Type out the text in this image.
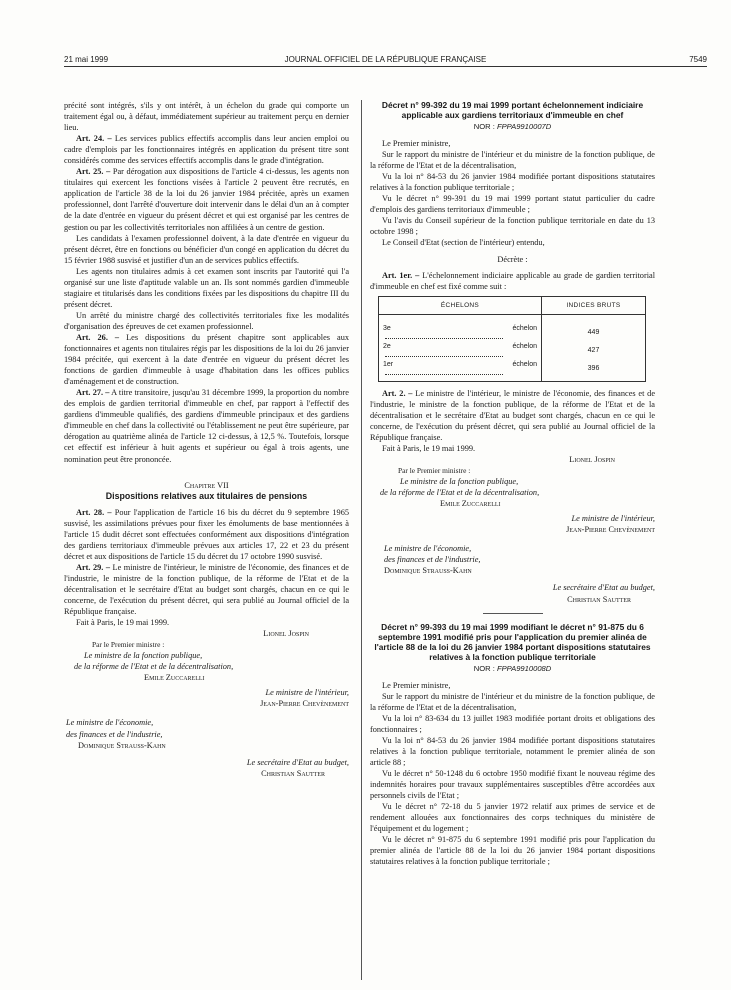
21 mai 1999	JOURNAL OFFICIEL DE LA RÉPUBLIQUE FRANÇAISE	7549

précité sont intégrés, s'ils y ont intérêt, à un échelon du grade qui comporte un traitement égal ou, à défaut, immédiatement supérieur au traitement perçu en dernier lieu.

Art. 24. – Les services publics effectifs accomplis dans leur ancien emploi ou cadre d'emplois par les fonctionnaires intégrés en application du présent titre sont considérés comme des services effectifs accomplis dans le grade d'intégration.

Art. 25. – Par dérogation aux dispositions de l'article 4 ci-dessus, les agents non titulaires qui exercent les fonctions visées à l'article 2 peuvent être recrutés, en application de l'article 38 de la loi du 26 janvier 1984 précitée, après un examen professionnel, dont l'arrêté d'ouverture doit intervenir dans le délai d'un an à compter de la date d'entrée en vigueur du présent décret et qui est organisé par les centres de gestion ou par les collectivités territoriales non affiliées à un centre de gestion.

Les candidats à l'examen professionnel doivent, à la date d'entrée en vigueur du présent décret, être en fonctions ou bénéficier d'un congé en application du décret du 15 février 1988 susvisé et justifier d'un an de services publics effectifs.

Les agents non titulaires admis à cet examen sont inscrits par l'autorité qui l'a organisé sur une liste d'aptitude valable un an. Ils sont nommés gardien d'immeuble stagiaire et titularisés dans les conditions fixées par les dispositions du chapitre III du présent décret.

Un arrêté du ministre chargé des collectivités territoriales fixe les modalités d'organisation des épreuves de cet examen professionnel.

Art. 26. – Les dispositions du présent chapitre sont applicables aux fonctionnaires et agents non titulaires régis par les dispositions de la loi du 26 janvier 1984 précitée, qui exercent à la date d'entrée en vigueur du présent décret les fonctions de gardien d'immeuble à usage d'habitation dans les offices publics d'aménagement et de construction.

Art. 27. – A titre transitoire, jusqu'au 31 décembre 1999, la proportion du nombre des emplois de gardien territorial d'immeuble en chef, par rapport à l'effectif des gardiens d'immeuble qualifiés, des gardiens d'immeuble principaux et des gardiens d'immeuble en chef dans la collectivité ou l'établissement ne peut être supérieure, par dérogation au quatrième alinéa de l'article 12 ci-dessus, à 12,5 %. Toutefois, lorsque cet effectif est inférieur à huit agents et supérieur ou égal à trois agents, une nomination peut être prononcée.

Chapitre VII
Dispositions relatives aux titulaires de pensions

Art. 28. – Pour l'application de l'article 16 bis du décret du 9 septembre 1965 susvisé, les assimilations prévues pour fixer les émoluments de base mentionnées à l'article 15 dudit décret sont effectuées conformément aux dispositions d'intégration des gardiens territoriaux d'immeuble prévues aux articles 17, 22 et 23 du présent décret et aux dispositions de l'article 15 du décret du 17 octobre 1990 susvisé.

Art. 29. – Le ministre de l'intérieur, le ministre de l'économie, des finances et de l'industrie, le ministre de la fonction publique, de la réforme de l'Etat et de la décentralisation et le secrétaire d'Etat au budget sont chargés, chacun en ce qui le concerne, de l'exécution du présent décret, qui sera publié au Journal officiel de la République française.

Fait à Paris, le 19 mai 1999.

Lionel Jospin
Par le Premier ministre :
Le ministre de la fonction publique,
de la réforme de l'Etat et de la décentralisation,
Emile Zuccarelli
Le ministre de l'intérieur,
Jean-Pierre Chevènement
Le ministre de l'économie,
des finances et de l'industrie,
Dominique Strauss-Kahn
Le secrétaire d'Etat au budget,
Christian Sautter
Décret n° 99-392 du 19 mai 1999 portant échelonnement indiciaire applicable aux gardiens territoriaux d'immeuble en chef
NOR : FPPA9910007D

Le Premier ministre,

Sur le rapport du ministre de l'intérieur et du ministre de la fonction publique, de la réforme de l'Etat et de la décentralisation,

Vu la loi n° 84-53 du 26 janvier 1984 modifiée portant dispositions statutaires relatives à la fonction publique territoriale ;

Vu le décret n° 99-391 du 19 mai 1999 portant statut particulier du cadre d'emplois des gardiens territoriaux d'immeuble ;

Vu l'avis du Conseil supérieur de la fonction publique territoriale en date du 13 octobre 1998 ;

Le Conseil d'Etat (section de l'intérieur) entendu,

Décrète :

Art. 1er. – L'échelonnement indiciaire applicable au grade de gardien territorial d'immeuble en chef est fixé comme suit :

ÉCHELONS	INDICES BRUTS

3e échelon	449
2e échelon	427
1er échelon	396

Art. 2. – Le ministre de l'intérieur, le ministre de l'économie, des finances et de l'industrie, le ministre de la fonction publique, de la réforme de l'Etat et de la décentralisation et le secrétaire d'Etat au budget sont chargés, chacun en ce qui le concerne, de l'exécution du présent décret, qui sera publié au Journal officiel de la République française.

Fait à Paris, le 19 mai 1999.

Lionel Jospin
Par le Premier ministre :
Le ministre de la fonction publique,
de la réforme de l'Etat et de la décentralisation,
Emile Zuccarelli
Le ministre de l'intérieur,
Jean-Pierre Chevènement
Le ministre de l'économie,
des finances et de l'industrie,
Dominique Strauss-Kahn
Le secrétaire d'Etat au budget,
Christian Sautter
Décret n° 99-393 du 19 mai 1999 modifiant le décret n° 91-875 du 6 septembre 1991 modifié pris pour l'application du premier alinéa de l'article 88 de la loi du 26 janvier 1984 portant dispositions statutaires relatives à la fonction publique territoriale
NOR : FPPA9910008D

Le Premier ministre,

Sur le rapport du ministre de l'intérieur et du ministre de la fonction publique, de la réforme de l'Etat et de la décentralisation,

Vu la loi n° 83-634 du 13 juillet 1983 modifiée portant droits et obligations des fonctionnaires ;

Vu la loi n° 84-53 du 26 janvier 1984 modifiée portant dispositions statutaires relatives à la fonction publique territoriale, notamment le premier alinéa de son article 88 ;

Vu le décret n° 50-1248 du 6 octobre 1950 modifié fixant le nouveau régime des indemnités horaires pour travaux supplémentaires susceptibles d'être accordées aux personnels civils de l'Etat ;

Vu le décret n° 72-18 du 5 janvier 1972 relatif aux primes de service et de rendement allouées aux fonctionnaires des corps techniques du ministère de l'équipement et du logement ;

Vu le décret n° 91-875 du 6 septembre 1991 modifié pris pour l'application du premier alinéa de l'article 88 de la loi du 26 janvier 1984 portant dispositions statutaires relatives à la fonction publique territoriale ;
